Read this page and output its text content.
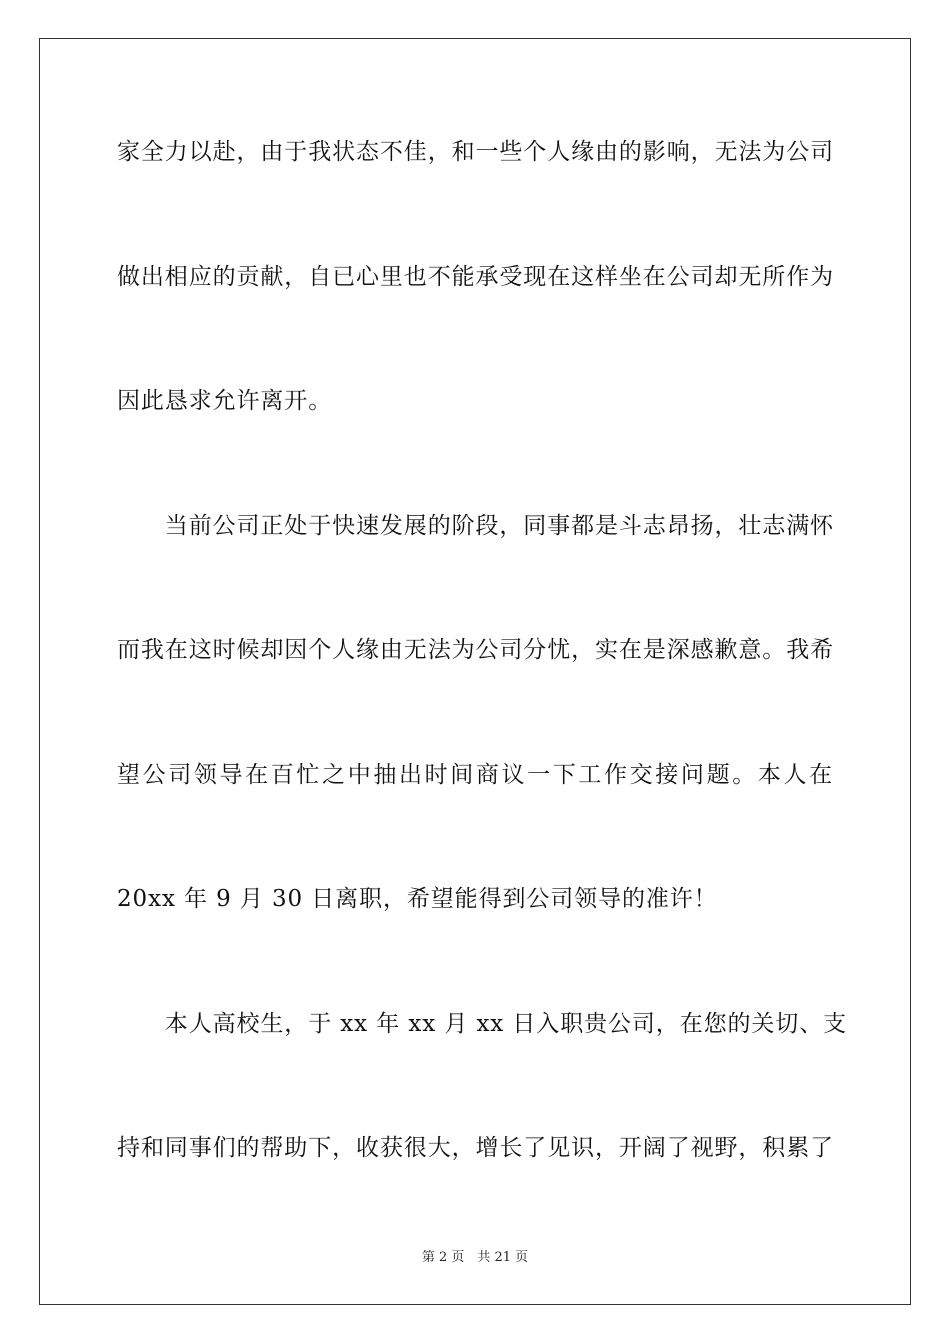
家全力以赴，由于我状态不佳，和一些个人缘由的影响，无法为公司
做出相应的贡献，自已心里也不能承受现在这样坐在公司却无所作为
因此恳求允许离开。
　　当前公司正处于快速发展的阶段，同事都是斗志昂扬，壮志满怀
而我在这时候却因个人缘由无法为公司分忧，实在是深感歉意。我希
望公司领导在百忙之中抽出时间商议一下工作交接问题。本人在
20xx 年 9 月 30 日离职，希望能得到公司领导的准许！
　　本人高校生，于 xx 年 xx 月 xx 日入职贵公司，在您的关切、支
持和同事们的帮助下，收获很大，增长了见识，开阔了视野，积累了
第 2 页　共 21 页
